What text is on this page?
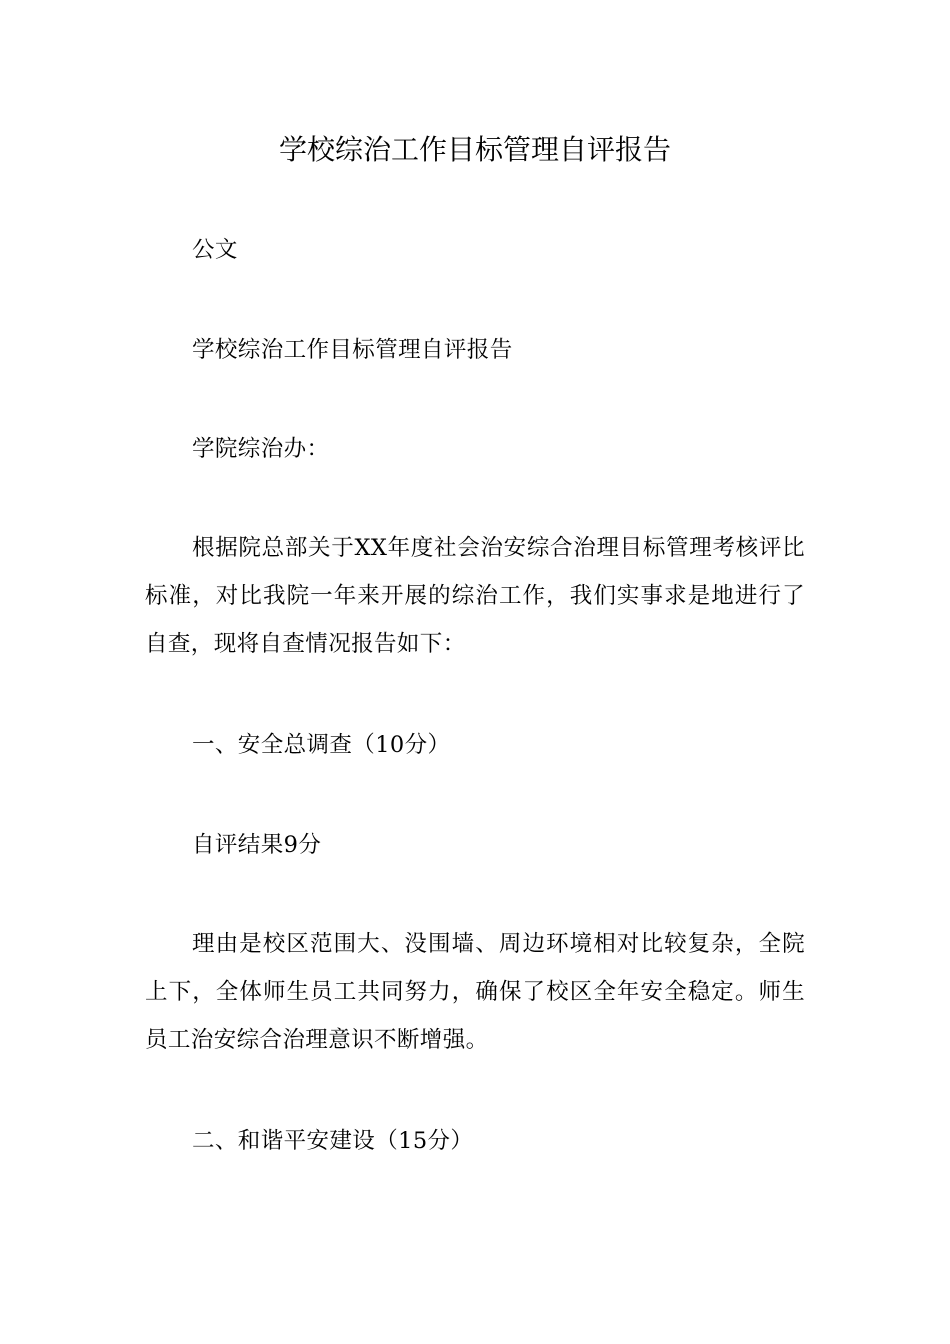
学校综治工作目标管理自评报告

公文

学校综治工作目标管理自评报告

学院综治办：

根据院总部关于XX年度社会治安综合治理目标管理考核评比标准，对比我院一年来开展的综治工作，我们实事求是地进行了自查，现将自查情况报告如下：

一、安全总调查（10分）

自评结果9分

理由是校区范围大、没围墙、周边环境相对比较复杂，全院上下，全体师生员工共同努力，确保了校区全年安全稳定。师生员工治安综合治理意识不断增强。

二、和谐平安建设（15分）
